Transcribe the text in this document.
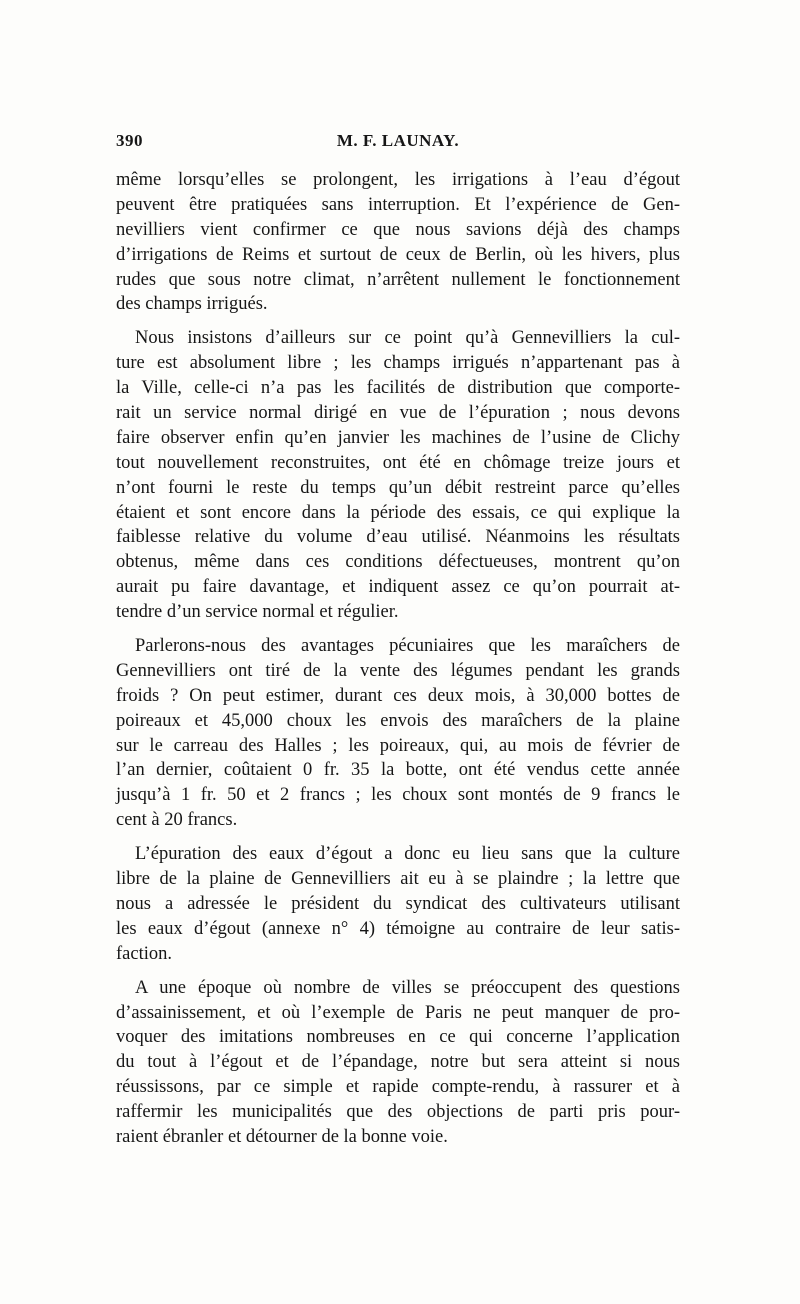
390	M. F. LAUNAY.
même lorsqu’elles se prolongent, les irrigations à l’eau d’égout
peuvent être pratiquées sans interruption. Et l’expérience de Gen-
nevilliers vient confirmer ce que nous savions déjà des champs
d’irrigations de Reims et surtout de ceux de Berlin, où les hivers, plus
rudes que sous notre climat, n’arrêtent nullement le fonctionnement
des champs irrigués.
Nous insistons d’ailleurs sur ce point qu’à Gennevilliers la cul-
ture est absolument libre ; les champs irrigués n’appartenant pas à
la Ville, celle-ci n’a pas les facilités de distribution que comporte-
rait un service normal dirigé en vue de l’épuration ; nous devons
faire observer enfin qu’en janvier les machines de l’usine de Clichy
tout nouvellement reconstruites, ont été en chômage treize jours et
n’ont fourni le reste du temps qu’un débit restreint parce qu’elles
étaient et sont encore dans la période des essais, ce qui explique la
faiblesse relative du volume d’eau utilisé. Néanmoins les résultats
obtenus, même dans ces conditions défectueuses, montrent qu’on
aurait pu faire davantage, et indiquent assez ce qu’on pourrait at-
tendre d’un service normal et régulier.
Parlerons-nous des avantages pécuniaires que les maraîchers de
Gennevilliers ont tiré de la vente des légumes pendant les grands
froids ? On peut estimer, durant ces deux mois, à 30,000 bottes de
poireaux et 45,000 choux les envois des maraîchers de la plaine
sur le carreau des Halles ; les poireaux, qui, au mois de février de
l’an dernier, coûtaient 0 fr. 35 la botte, ont été vendus cette année
jusqu’à 1 fr. 50 et 2 francs ; les choux sont montés de 9 francs le
cent à 20 francs.
L’épuration des eaux d’égout a donc eu lieu sans que la culture
libre de la plaine de Gennevilliers ait eu à se plaindre ; la lettre que
nous a adressée le président du syndicat des cultivateurs utilisant
les eaux d’égout (annexe n° 4) témoigne au contraire de leur satis-
faction.
A une époque où nombre de villes se préoccupent des questions
d’assainissement, et où l’exemple de Paris ne peut manquer de pro-
voquer des imitations nombreuses en ce qui concerne l’application
du tout à l’égout et de l’épandage, notre but sera atteint si nous
réussissons, par ce simple et rapide compte-rendu, à rassurer et à
raffermir les municipalités que des objections de parti pris pour-
raient ébranler et détourner de la bonne voie.
